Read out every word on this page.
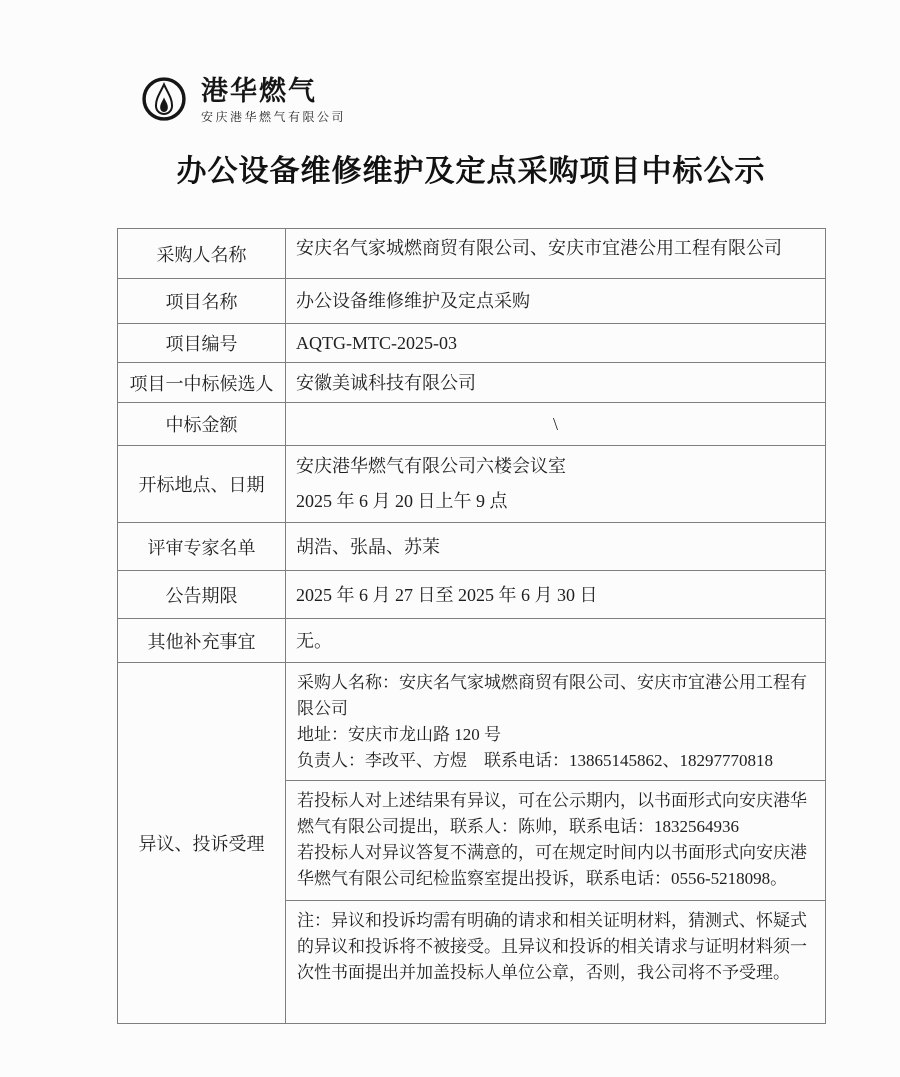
港华燃气
安庆港华燃气有限公司
办公设备维修维护及定点采购项目中标公示
采购人名称	安庆名气家城燃商贸有限公司、安庆市宜港公用工程有限公司
项目名称	办公设备维修维护及定点采购
项目编号	AQTG-MTC-2025-03
项目一中标候选人	安徽美诚科技有限公司
中标金额	\
开标地点、日期	安庆港华燃气有限公司六楼会议室

2025 年 6 月 20 日上午 9 点

评审专家名单	胡浩、张晶、苏茉
公告期限	2025 年 6 月 27 日至 2025 年 6 月 30 日
其他补充事宜	无。
异议、投诉受理	采购人名称：安庆名气家城燃商贸有限公司、安庆市宜港公用工程有限公司

地址：安庆市龙山路 120 号

负责人：李改平、方煜　联系电话：13865145862、18297770818

	若投标人对上述结果有异议，可在公示期内，以书面形式向安庆港华燃气有限公司提出，联系人：陈帅，联系电话：1832564936

若投标人对异议答复不满意的，可在规定时间内以书面形式向安庆港华燃气有限公司纪检监察室提出投诉，联系电话：0556-5218098。

	注：异议和投诉均需有明确的请求和相关证明材料，猜测式、怀疑式的异议和投诉将不被接受。且异议和投诉的相关请求与证明材料须一次性书面提出并加盖投标人单位公章，否则，我公司将不予受理。
